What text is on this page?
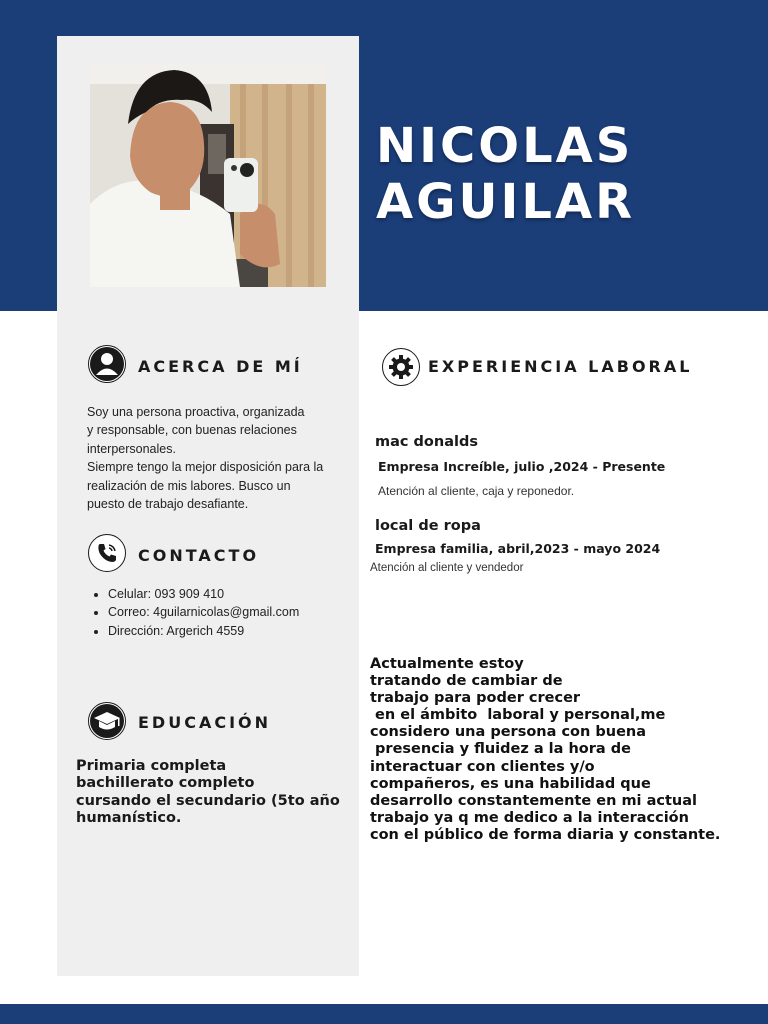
NICOLAS
AGUILAR
ACERCA DE MÍ

Soy una persona proactiva, organizada

y responsable, con buenas relaciones

interpersonales.

Siempre tengo la mejor disposición para la

realización de mis labores. Busco un

puesto de trabajo desafiante.

CONTACTO
• Celular: 093 909 410
• Correo: 4guilarnicolas@gmail.com
• Dirección: Argerich 4559
EDUCACIÓN
Primaria completa
bachillerato completo
cursando el secundario (5to año
humanístico.
EXPERIENCIA LABORAL
mac donalds
Empresa Increíble, julio ,2024 - Presente
Atención al cliente, caja y reponedor.
local de ropa
Empresa familia, abril,2023 - mayo 2024
Atención al cliente y vendedor
Actualmente estoy
tratando de cambiar de
trabajo para poder crecer
en el ámbito  laboral y personal,me
considero una persona con buena
presencia y fluidez a la hora de
interactuar con clientes y/o
compañeros, es una habilidad que
desarrollo constantemente en mi actual
trabajo ya q me dedico a la interacción
con el público de forma diaria y constante.
